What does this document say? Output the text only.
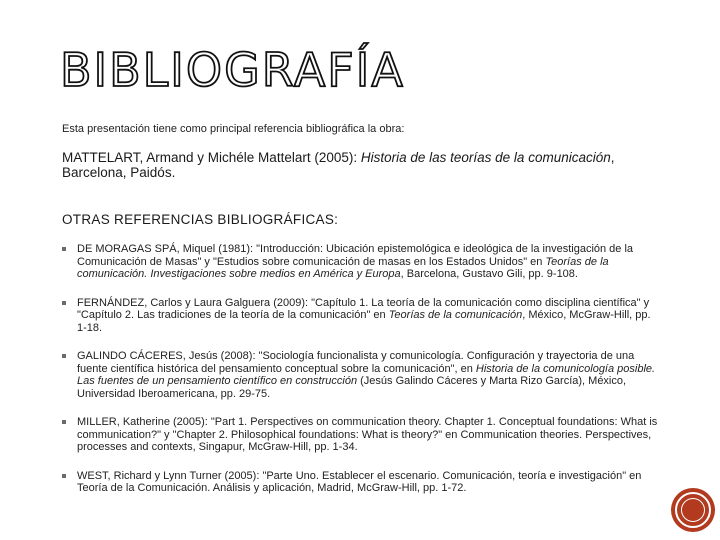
BIBLIOGRAFÍA
Esta presentación tiene como principal referencia bibliográfica la obra:
MATTELART, Armand y Michéle Mattelart (2005): Historia de las teorías de la comunicación, Barcelona, Paidós.
OTRAS REFERENCIAS BIBLIOGRÁFICAS:
DE MORAGAS SPÁ, Miquel (1981): "Introducción: Ubicación epistemológica e ideológica de la investigación de la Comunicación de Masas" y "Estudios sobre comunicación de masas en los Estados Unidos" en Teorías de la comunicación. Investigaciones sobre medios en América y Europa, Barcelona, Gustavo Gili, pp. 9-108.
FERNÁNDEZ, Carlos y Laura Galguera (2009): "Capítulo 1. La teoría de la comunicación como disciplina científica" y "Capítulo 2. Las tradiciones de la teoría de la comunicación" en Teorías de la comunicación, México, McGraw-Hill, pp. 1-18.
GALINDO CÁCERES, Jesús (2008): "Sociología funcionalista y comunicología. Configuración y trayectoria de una fuente científica histórica del pensamiento conceptual sobre la comunicación", en Historia de la comunicología posible. Las fuentes de un pensamiento científico en construcción (Jesús Galindo Cáceres y Marta Rizo García), México, Universidad Iberoamericana, pp. 29-75.
MILLER, Katherine (2005): "Part 1. Perspectives on communication theory. Chapter 1. Conceptual foundations: What is communication?" y "Chapter 2. Philosophical foundations: What is theory?" en Communication theories. Perspectives, processes and contexts, Singapur, McGraw-Hill, pp. 1-34.
WEST, Richard y Lynn Turner (2005): "Parte Uno. Establecer el escenario. Comunicación, teoría e investigación" en Teoría de la Comunicación. Análisis y aplicación, Madrid, McGraw-Hill, pp. 1-72.
